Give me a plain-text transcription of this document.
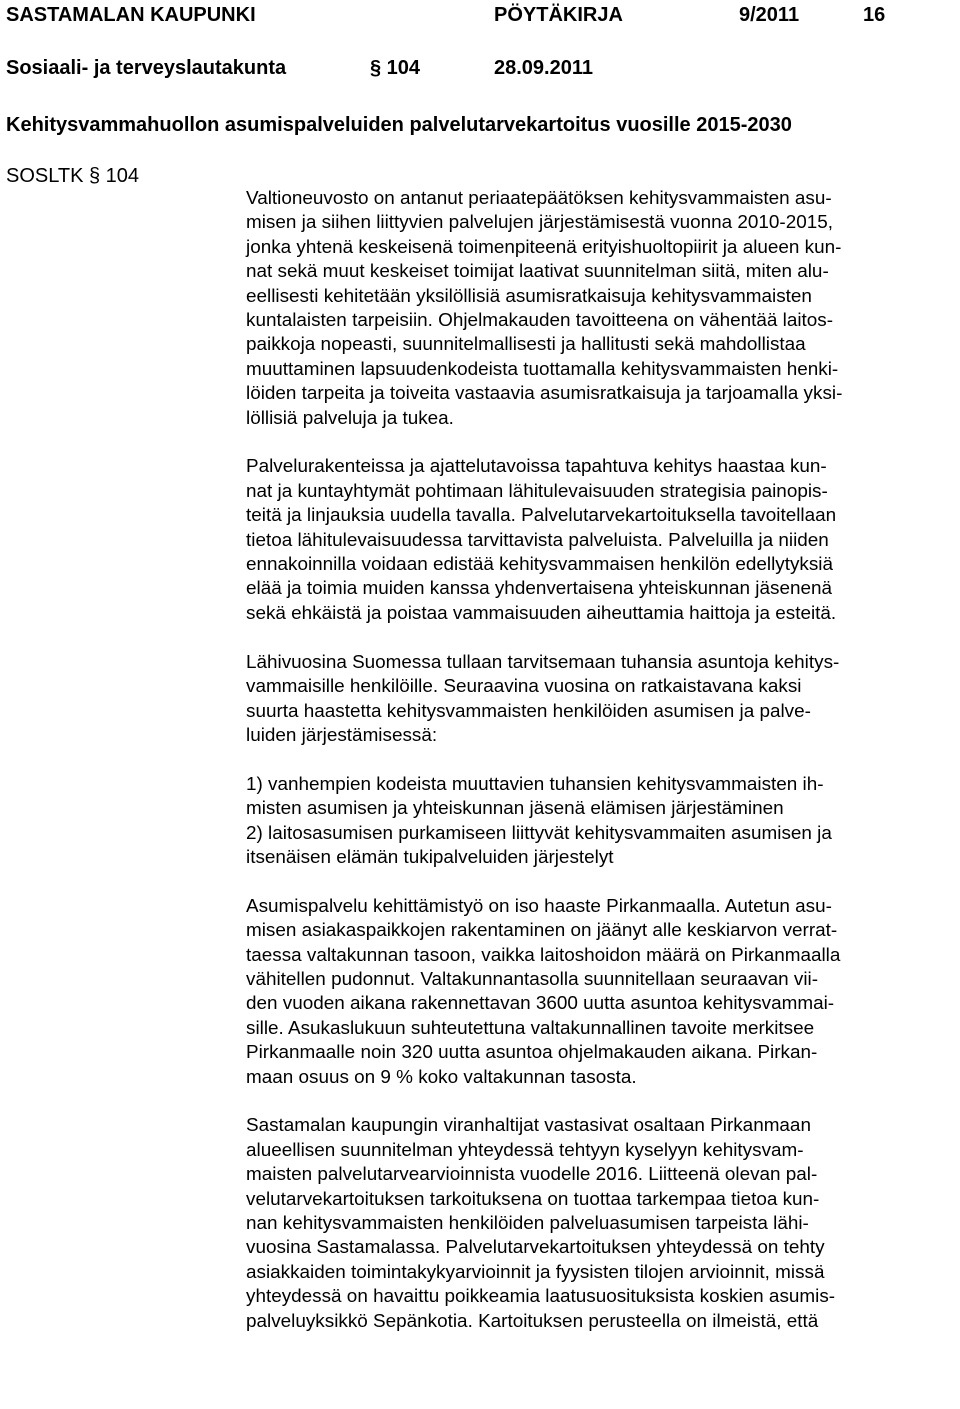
SASTAMALAN KAUPUNKI	PÖYTÄKIRJA	9/2011	16
Sosiaali- ja terveyslautakunta	§ 104	28.09.2011
Kehitysvammahuollon asumispalveluiden palvelutarvekartoitus vuosille 2015-2030
SOSLTK § 104

Valtioneuvosto on antanut periaatepäätöksen kehitysvammaisten asu-
misen ja siihen liittyvien palvelujen järjestämisestä vuonna 2010-2015,
jonka yhtenä keskeisenä toimenpiteenä erityishuoltopiirit ja alueen kun-
nat sekä muut keskeiset toimijat laativat suunnitelman siitä, miten alu-
eellisesti kehitetään yksilöllisiä asumisratkaisuja kehitysvammaisten
kuntalaisten tarpeisiin. Ohjelmakauden tavoitteena on vähentää laitos-
paikkoja nopeasti, suunnitelmallisesti ja hallitusti sekä mahdollistaa
muuttaminen lapsuudenkodeista tuottamalla kehitysvammaisten henki-
löiden tarpeita ja toiveita vastaavia asumisratkaisuja ja tarjoamalla yksi-
löllisiä palveluja ja tukea.

Palvelurakenteissa ja ajattelutavoissa tapahtuva kehitys haastaa kun-
nat ja kuntayhtymät pohtimaan lähitulevaisuuden strategisia painopis-
teitä ja linjauksia uudella tavalla. Palvelutarvekartoituksella tavoitellaan
tietoa lähitulevaisuudessa tarvittavista palveluista. Palveluilla ja niiden
ennakoinnilla voidaan edistää kehitysvammaisen henkilön edellytyksiä
elää ja toimia muiden kanssa yhdenvertaisena yhteiskunnan jäsenenä
sekä ehkäistä ja poistaa vammaisuuden aiheuttamia haittoja ja esteitä.

Lähivuosina Suomessa tullaan tarvitsemaan tuhansia asuntoja kehitys-
vammaisille henkilöille. Seuraavina vuosina on ratkaistavana kaksi
suurta haastetta kehitysvammaisten henkilöiden asumisen ja palve-
luiden järjestämisessä:

1) vanhempien kodeista muuttavien tuhansien kehitysvammaisten ih-
misten asumisen ja yhteiskunnan jäsenä elämisen järjestäminen
2) laitosasumisen purkamiseen liittyvät kehitysvammaiten asumisen ja
itsenäisen elämän tukipalveluiden järjestelyt

Asumispalvelu kehittämistyö on iso haaste Pirkanmaalla. Autetun asu-
misen asiakaspaikkojen rakentaminen on jäänyt alle keskiarvon verrat-
taessa valtakunnan tasoon, vaikka laitoshoidon määrä on Pirkanmaalla
vähitellen pudonnut. Valtakunnantasolla suunnitellaan seuraavan vii-
den vuoden aikana rakennettavan 3600 uutta asuntoa kehitysvammai-
sille. Asukaslukuun suhteutettuna valtakunnallinen tavoite merkitsee
Pirkanmaalle noin 320 uutta asuntoa ohjelmakauden aikana. Pirkan-
maan osuus on 9 % koko valtakunnan tasosta.

Sastamalan kaupungin viranhaltijat vastasivat osaltaan Pirkanmaan
alueellisen suunnitelman yhteydessä tehtyyn kyselyyn kehitysvam-
maisten palvelutarvearvioinnista vuodelle 2016. Liitteenä olevan pal-
velutarvekartoituksen tarkoituksena on tuottaa tarkempaa tietoa kun-
nan kehitysvammaisten henkilöiden palveluasumisen tarpeista lähi-
vuosina Sastamalassa. Palvelutarvekartoituksen yhteydessä on tehty
asiakkaiden toimintakykyarvioinnit ja fyysisten tilojen arvioinnit, missä
yhteydessä on havaittu poikkeamia laatusuosituksista koskien asumis-
palveluyksikkö Sepänkotia. Kartoituksen perusteella on ilmeistä, että
